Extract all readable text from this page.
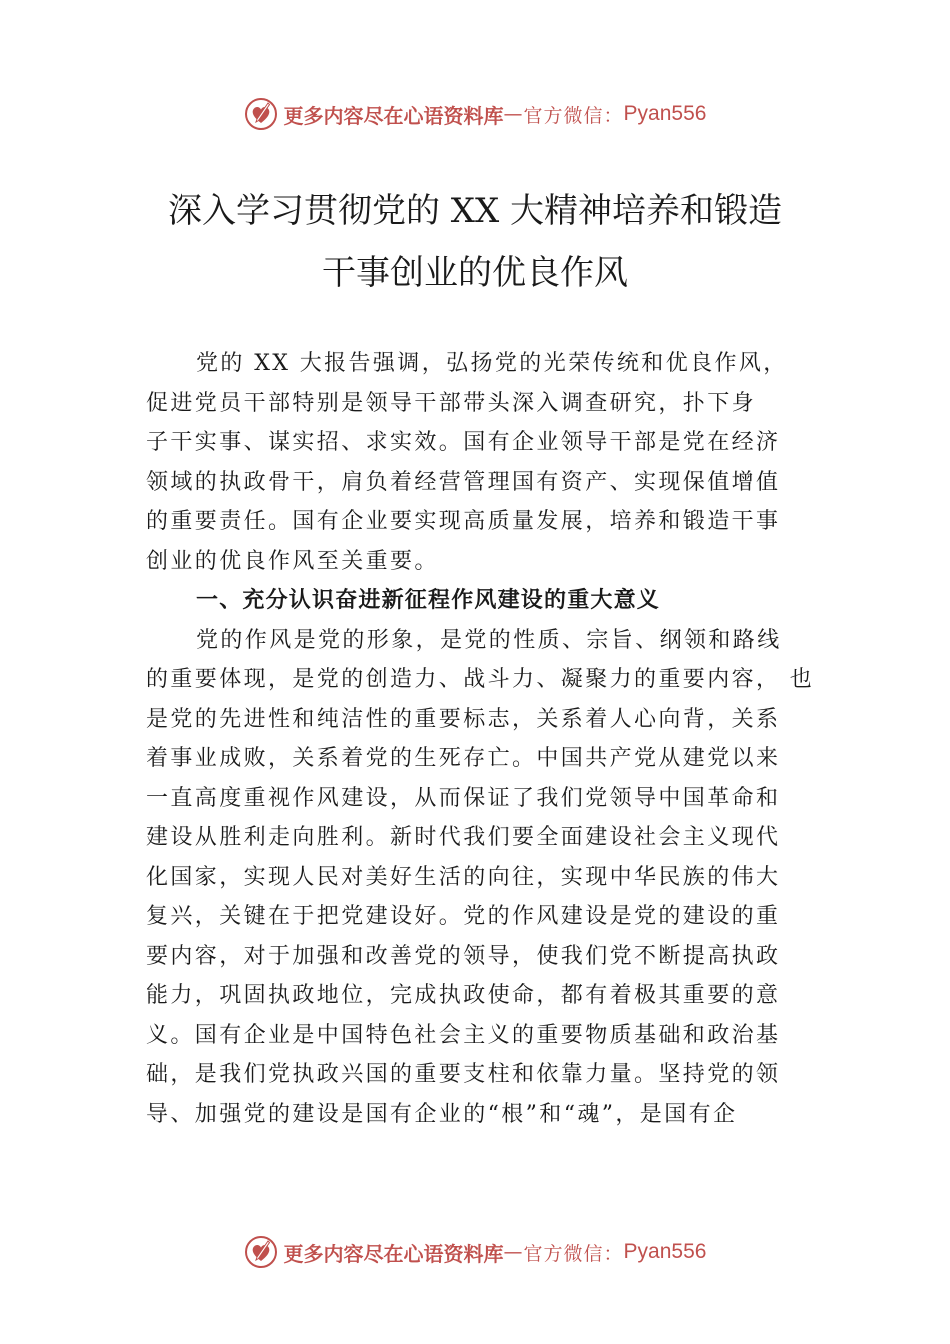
更多内容尽在心语资料库 — 官方微信： Pyan556
深入学习贯彻党的 XX 大精神培养和锻造
干事创业的优良作风
党的 XX 大报告强调，弘扬党的光荣传统和优良作风，
促进党员干部特别是领导干部带头深入调查研究，扑下身
子干实事、谋实招、求实效。国有企业领导干部是党在经济
领域的执政骨干，肩负着经营管理国有资产、实现保值增值
的重要责任。国有企业要实现高质量发展，培养和锻造干事
创业的优良作风至关重要。
一、充分认识奋进新征程作风建设的重大意义
党的作风是党的形象，是党的性质、宗旨、纲领和路线
的重要体现，是党的创造力、战斗力、凝聚力的重要内容， 也
是党的先进性和纯洁性的重要标志，关系着人心向背，关系
着事业成败，关系着党的生死存亡。中国共产党从建党以来
一直高度重视作风建设，从而保证了我们党领导中国革命和
建设从胜利走向胜利。新时代我们要全面建设社会主义现代
化国家，实现人民对美好生活的向往，实现中华民族的伟大
复兴，关键在于把党建设好。党的作风建设是党的建设的重
要内容，对于加强和改善党的领导，使我们党不断提高执政
能力，巩固执政地位，完成执政使命，都有着极其重要的意
义。国有企业是中国特色社会主义的重要物质基础和政治基
础，是我们党执政兴国的重要支柱和依靠力量。坚持党的领
导、加强党的建设是国有企业的“根”和“魂”，是国有企
更多内容尽在心语资料库 — 官方微信： Pyan556
